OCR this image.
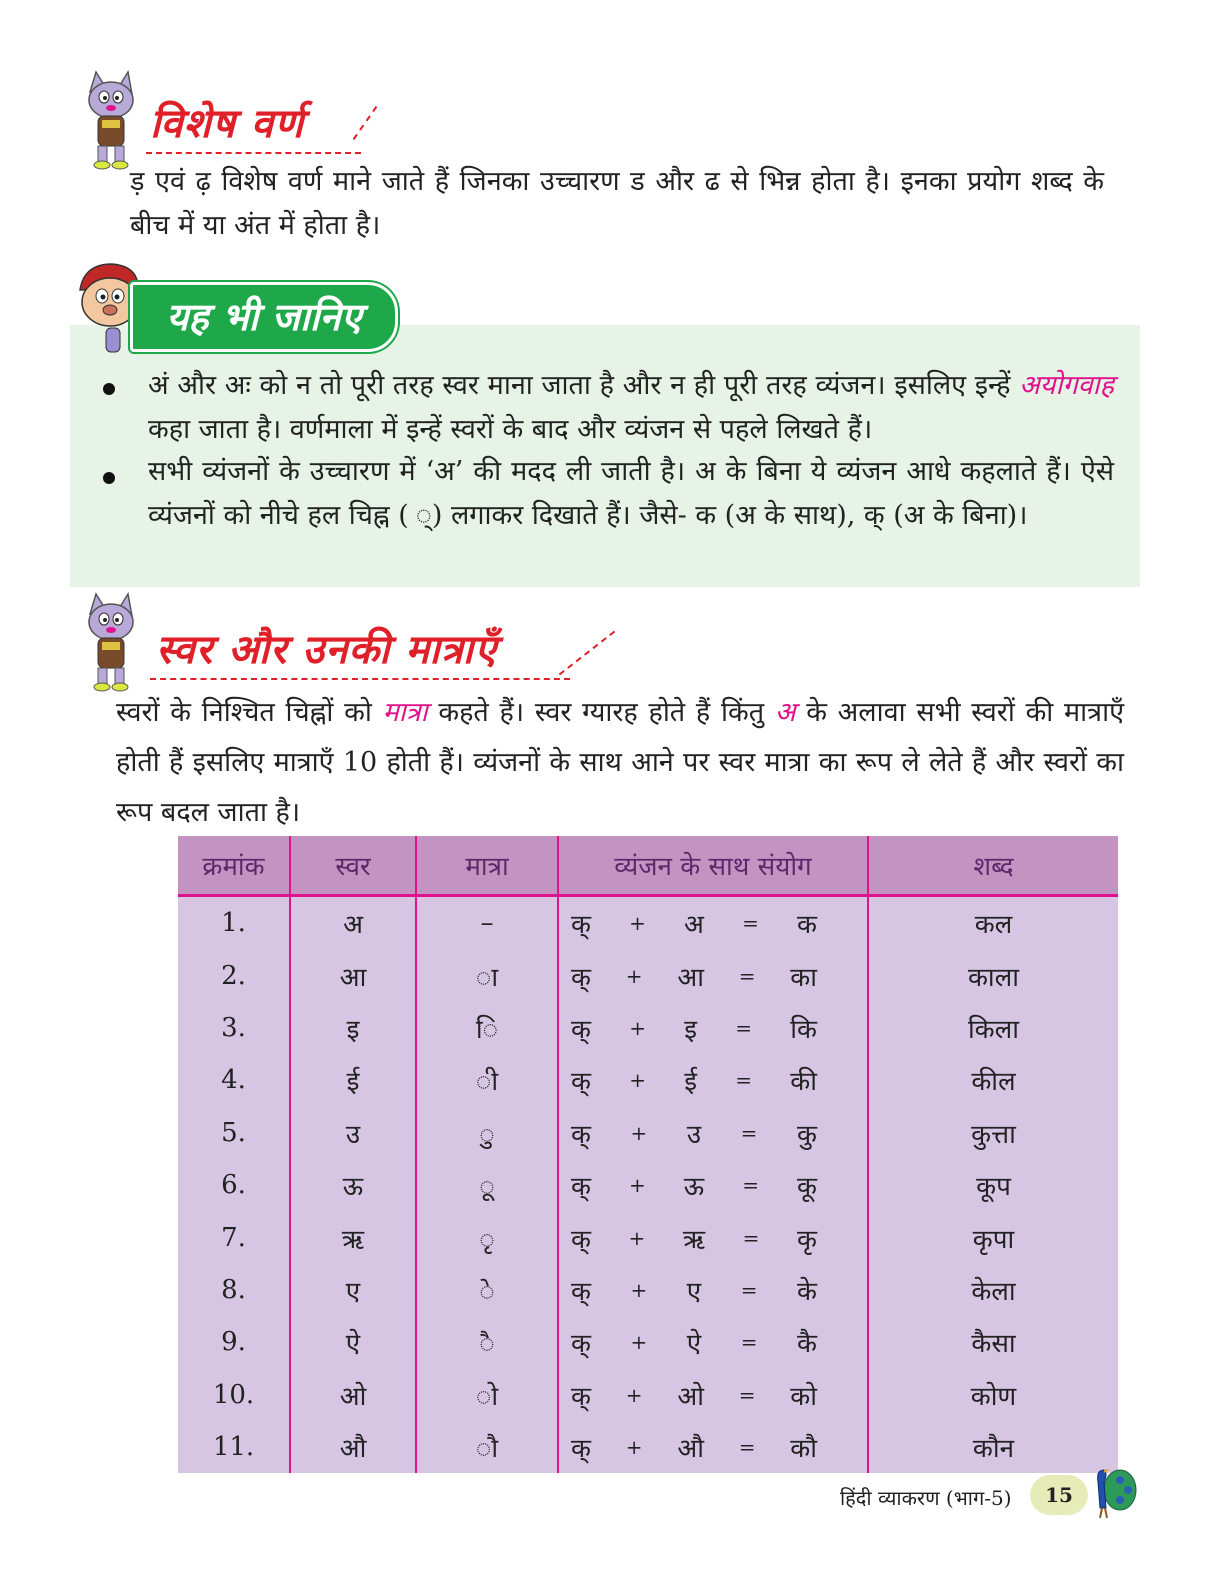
विशेष वर्ण
ड़ एवं ढ़ विशेष वर्ण माने जाते हैं जिनका उच्चारण ड और ढ से भिन्न होता है। इनका प्रयोग शब्द के बीच में या अंत में होता है।
यह भी जानिए
अं और अः को न तो पूरी तरह स्वर माना जाता है और न ही पूरी तरह व्यंजन। इसलिए इन्हें अयोगवाह कहा जाता है। वर्णमाला में इन्हें स्वरों के बाद और व्यंजन से पहले लिखते हैं।
सभी व्यंजनों के उच्चारण में ‘अ’ की मदद ली जाती है। अ के बिना ये व्यंजन आधे कहलाते हैं। ऐसे व्यंजनों को नीचे हल चिह्न ( ्) लगाकर दिखाते हैं। जैसे- क (अ के साथ), क् (अ के बिना)।
स्वर और उनकी मात्राएँ
स्वरों के निश्चित चिह्नों को मात्रा कहते हैं। स्वर ग्यारह होते हैं किंतु अ के अलावा सभी स्वरों की मात्राएँ होती हैं इसलिए मात्राएँ 10 होती हैं। व्यंजनों के साथ आने पर स्वर मात्रा का रूप ले लेते हैं और स्वरों का रूप बदल जाता है।
क्रमांक	स्वर	मात्रा	व्यंजन के साथ संयोग	शब्द
1.	अ	–	क् + अ = क	कल
2.	आ	ा	क् + आ = का	काला
3.	इ	ि	क् + इ = कि	किला
4.	ई	ी	क् + ई = की	कील
5.	उ	ु	क् + उ = कु	कुत्ता
6.	ऊ	ू	क् + ऊ = कू	कूप
7.	ऋ	ृ	क् + ऋ = कृ	कृपा
8.	ए	े	क् + ए = के	केला
9.	ऐ	ै	क् + ऐ = कै	कैसा
10.	ओ	ो	क् + ओ = को	कोण
11.	औ	ौ	क् + औ = कौ	कौन
हिंदी व्याकरण (भाग-5)	15
